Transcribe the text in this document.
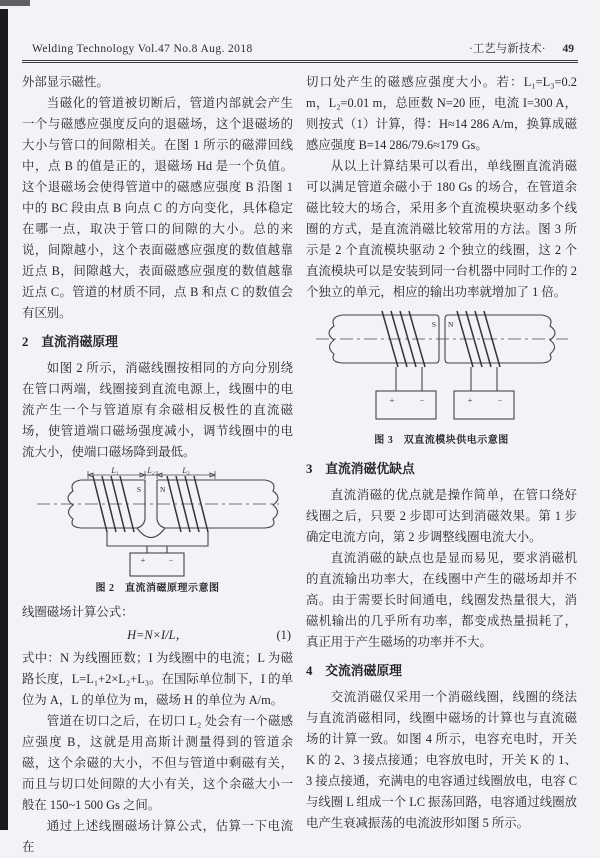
Welding Technology Vol.47 No.8 Aug. 2018	·工艺与新技术· 49

外部显示磁性。

当磁化的管道被切断后，管道内部就会产生一个与磁感应强度反向的退磁场，这个退磁场的大小与管口的间隙相关。在图 1 所示的磁滞回线中，点 B 的值是正的，退磁场 Hd 是一个负值。这个退磁场会使得管道中的磁感应强度 B 沿图 1 中的 BC 段由点 B 向点 C 的方向变化，具体稳定在哪一点，取决于管口的间隙的大小。总的来说，间隙越小，这个表面磁感应强度的数值越靠近点 B，间隙越大，表面磁感应强度的数值越靠近点 C。管道的材质不同，点 B 和点 C 的数值会有区别。

2　直流消磁原理

如图 2 所示，消磁线圈按相同的方向分别绕在管口两端，线圈接到直流电源上，线圈中的电流产生一个与管道原有余磁相反极性的直流磁场，使管道端口磁场强度减小，调节线圈中的电流大小，使端口磁场降到最低。

L₁	L₂	L₃
S	N
+	−
图 2　直流消磁原理示意图

线圈磁场计算公式：

H=N×I/L，	(1)

式中：N 为线圈匝数；I 为线圈中的电流；L 为磁路长度，L=L₁+2×L₂+L₃。在国际单位制下，I 的单位为 A，L 的单位为 m，磁场 H 的单位为 A/m。

管道在切口之后，在切口 L₂ 处会有一个磁感应强度 B，这就是用高斯计测量得到的管道余磁，这个余磁的大小，不但与管道中剩磁有关，而且与切口处间隙的大小有关，这个余磁大小一般在 150~1 500 Gs 之间。

通过上述线圈磁场计算公式，估算一下电流在

切口处产生的磁感应强度大小。若：L₁=L₃=0.2 m，L₂=0.01 m，总匝数 N=20 匝，电流 I=300 A，则按式（1）计算，得：H≈14 286 A/m，换算成磁感应强度 B=14 286/79.6≈179 Gs。

从以上计算结果可以看出，单线圈直流消磁可以满足管道余磁小于 180 Gs 的场合，在管道余磁比较大的场合，采用多个直流模块驱动多个线圈的方式，是直流消磁比较常用的方法。图 3 所示是 2 个直流模块驱动 2 个独立的线圈，这 2 个直流模块可以是安装到同一台机器中同时工作的 2 个独立的单元，相应的输出功率就增加了 1 倍。

S N
+	−	+	−
图 3　双直流模块供电示意图
3　直流消磁优缺点

直流消磁的优点就是操作简单，在管口绕好线圈之后，只要 2 步即可达到消磁效果。第 1 步确定电流方向，第 2 步调整线圈电流大小。

直流消磁的缺点也是显而易见，要求消磁机的直流输出功率大，在线圈中产生的磁场却并不高。由于需要长时间通电，线圈发热量很大，消磁机输出的几乎所有功率，都变成热量损耗了，真正用于产生磁场的功率并不大。

4　交流消磁原理

交流消磁仅采用一个消磁线圈，线圈的绕法与直流消磁相同，线圈中磁场的计算也与直流磁场的计算一致。如图 4 所示，电容充电时，开关 K 的 2、3 接点接通；电容放电时，开关 K 的 1、3 接点接通，充满电的电容通过线圈放电，电容 C 与线圈 L 组成一个 LC 振荡回路，电容通过线圈放电产生衰减振荡的电流波形如图 5 所示。
